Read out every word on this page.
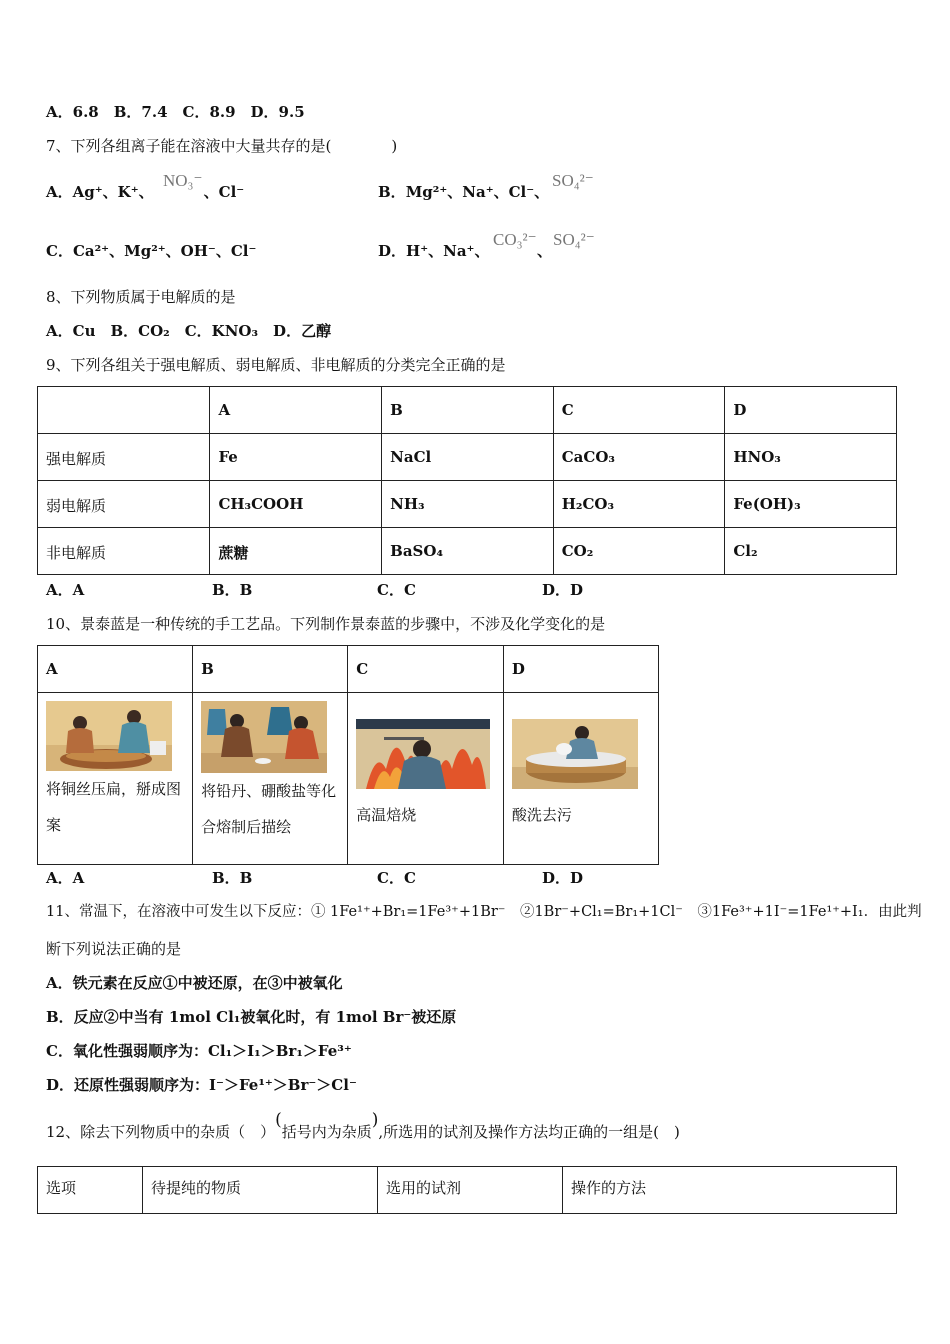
A．6.8　B．7.4　C．8.9　D．9.5
7、下列各组离子能在溶液中大量共存的是(　　　　)
A．Ag⁺、K⁺、	、Cl⁻
NO₃⁻
B．Mg²⁺、Na⁺、Cl⁻、
SO₄²⁻
C．Ca²⁺、Mg²⁺、OH⁻、Cl⁻	D．H⁺、Na⁺、
CO₃²⁻
、
SO₄²⁻
8、下列物质属于电解质的是
A．Cu　B．CO₂　C．KNO₃　D．乙醇
9、下列各组关于强电解质、弱电解质、非电解质的分类完全正确的是

	A	B	C	D

强电解质	Fe	NaCl	CaCO₃	HNO₃

弱电解质	CH₃COOH	NH₃	H₂CO₃	Fe(OH)₃

非电解质	蔗糖	BaSO₄	CO₂	Cl₂
A．A	B．B	C．C	D．D
10、景泰蓝是一种传统的手工艺品。下列制作景泰蓝的步骤中，不涉及化学变化的是
A	B	C	D

将铜丝压扁，掰成图案	将铅丹、硼酸盐等化合熔制后描绘	高温焙烧	酸洗去污
A．A	B．B	C．C	D．D
11、常温下，在溶液中可发生以下反应：① 1Fe¹⁺+Br₁=1Fe³⁺+1Br⁻　②1Br⁻+Cl₁=Br₁+1Cl⁻　③1Fe³⁺+1I⁻=1Fe¹⁺+I₁．由此判
断下列说法正确的是
A．铁元素在反应①中被还原，在③中被氧化
B．反应②中当有 1mol Cl₁被氧化时，有 1mol Br⁻被还原
C．氧化性强弱顺序为：Cl₁＞I₁＞Br₁＞Fe³⁺
D．还原性强弱顺序为：I⁻＞Fe¹⁺＞Br⁻＞Cl⁻
12、除去下列物质中的杂质（　）(括号内为杂质),所选用的试剂及操作方法均正确的一组是(　)
选项	待提纯的物质	选用的试剂	操作的方法
